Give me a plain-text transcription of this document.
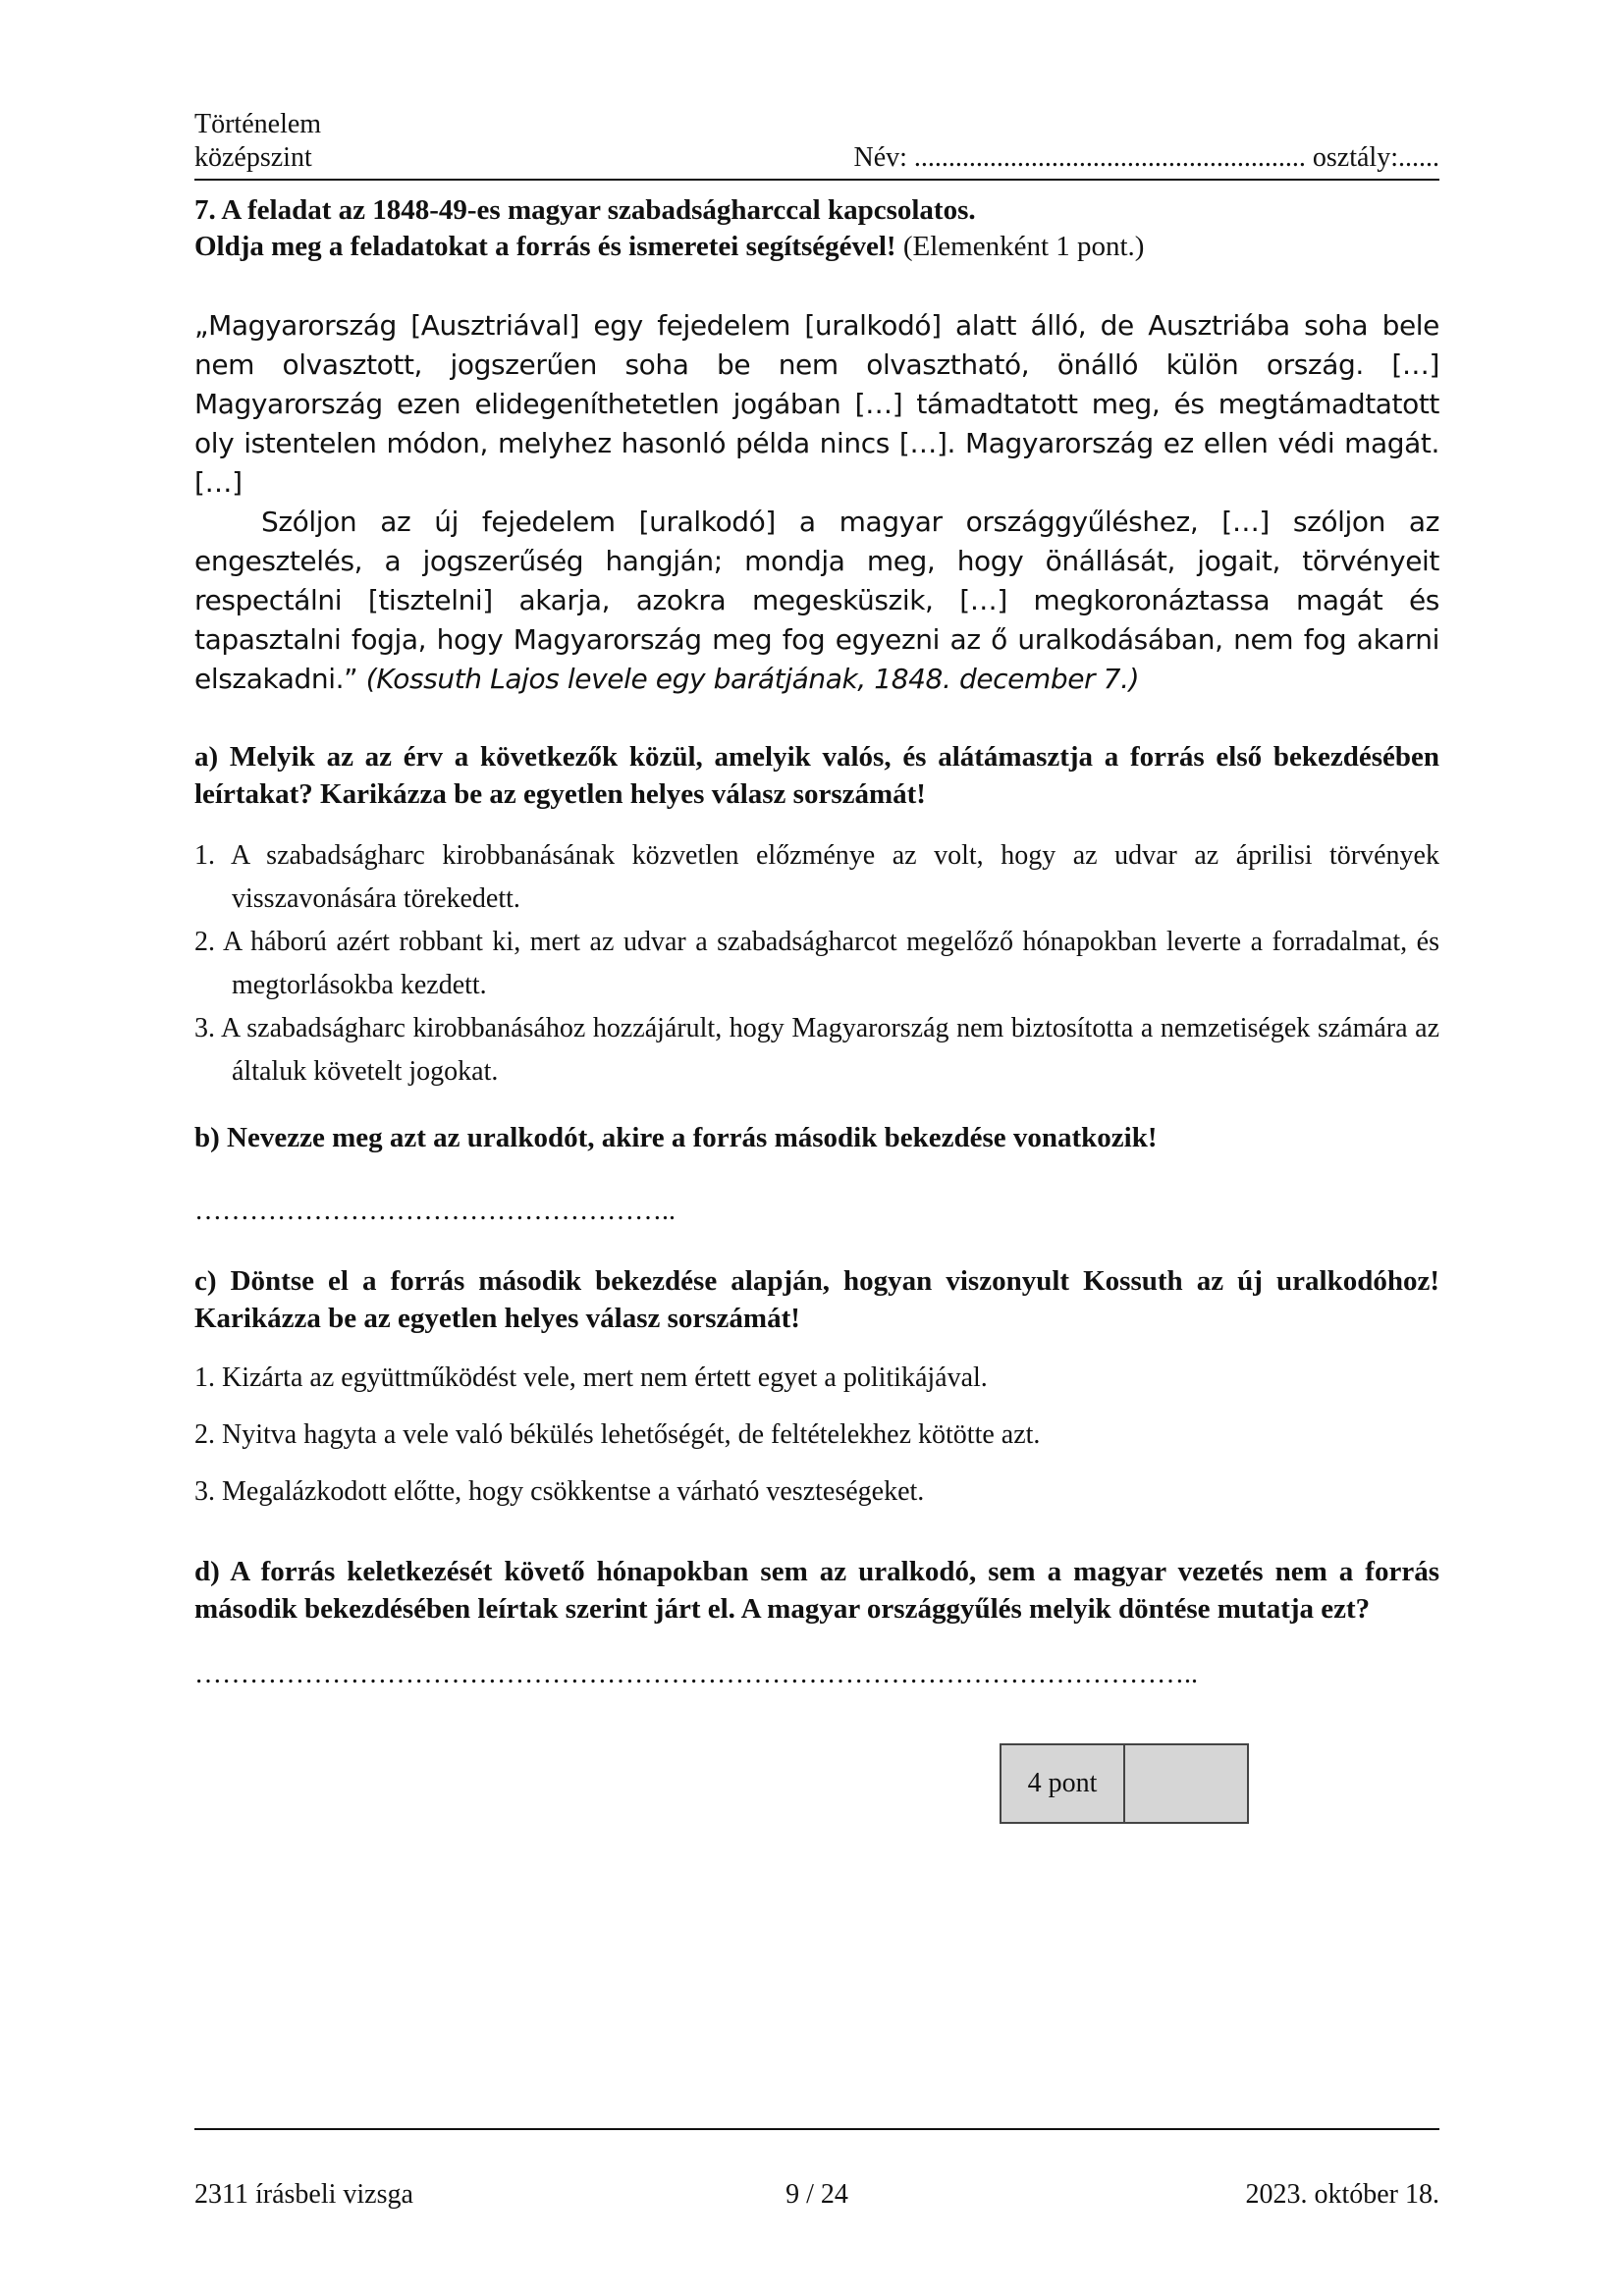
Történelem
középszint	Név: ......................................................... osztály:......
7. A feladat az 1848-49-es magyar szabadságharccal kapcsolatos.
Oldja meg a feladatokat a forrás és ismeretei segítségével! (Elemenként 1 pont.)

„Magyarország [Ausztriával] egy fejedelem [uralkodó] alatt álló, de Ausztriába soha bele nem olvasztott, jogszerűen soha be nem olvasztható, önálló külön ország. […] Magyarország ezen elidegeníthetetlen jogában […] támadtatott meg, és megtámadtatott oly istentelen módon, melyhez hasonló példa nincs […]. Magyarország ez ellen védi magát. […]

Szóljon az új fejedelem [uralkodó] a magyar országgyűléshez, […] szóljon az engesztelés, a jogszerűség hangján; mondja meg, hogy önállását, jogait, törvényeit respectálni [tisztelni] akarja, azokra megesküszik, […] megkoronáztassa magát és tapasztalni fogja, hogy Magyarország meg fog egyezni az ő uralkodásában, nem fog akarni elszakadni.” (Kossuth Lajos levele egy barátjának, 1848. december 7.)

a) Melyik az az érv a következők közül, amelyik valós, és alátámasztja a forrás első bekezdésében leírtakat? Karikázza be az egyetlen helyes válasz sorszámát!
1. A szabadságharc kirobbanásának közvetlen előzménye az volt, hogy az udvar az áprilisi törvények visszavonására törekedett.
2. A háború azért robbant ki, mert az udvar a szabadságharcot megelőző hónapokban leverte a forradalmat, és megtorlásokba kezdett.
3. A szabadságharc kirobbanásához hozzájárult, hogy Magyarország nem biztosította a nemzetiségek számára az általuk követelt jogokat.
b) Nevezze meg azt az uralkodót, akire a forrás második bekezdése vonatkozik!
……………………………………………..
c) Döntse el a forrás második bekezdése alapján, hogyan viszonyult Kossuth az új uralkodóhoz! Karikázza be az egyetlen helyes válasz sorszámát!
1. Kizárta az együttműködést vele, mert nem értett egyet a politikájával.
2. Nyitva hagyta a vele való békülés lehetőségét, de feltételekhez kötötte azt.
3. Megalázkodott előtte, hogy csökkentse a várható veszteségeket.
d) A forrás keletkezését követő hónapokban sem az uralkodó, sem a magyar vezetés nem a forrás második bekezdésében leírtak szerint járt el. A magyar országgyűlés melyik döntése mutatja ezt?
………………………………………………………………………………………………..
4 pont
2311 írásbeli vizsga	9 / 24	2023. október 18.
